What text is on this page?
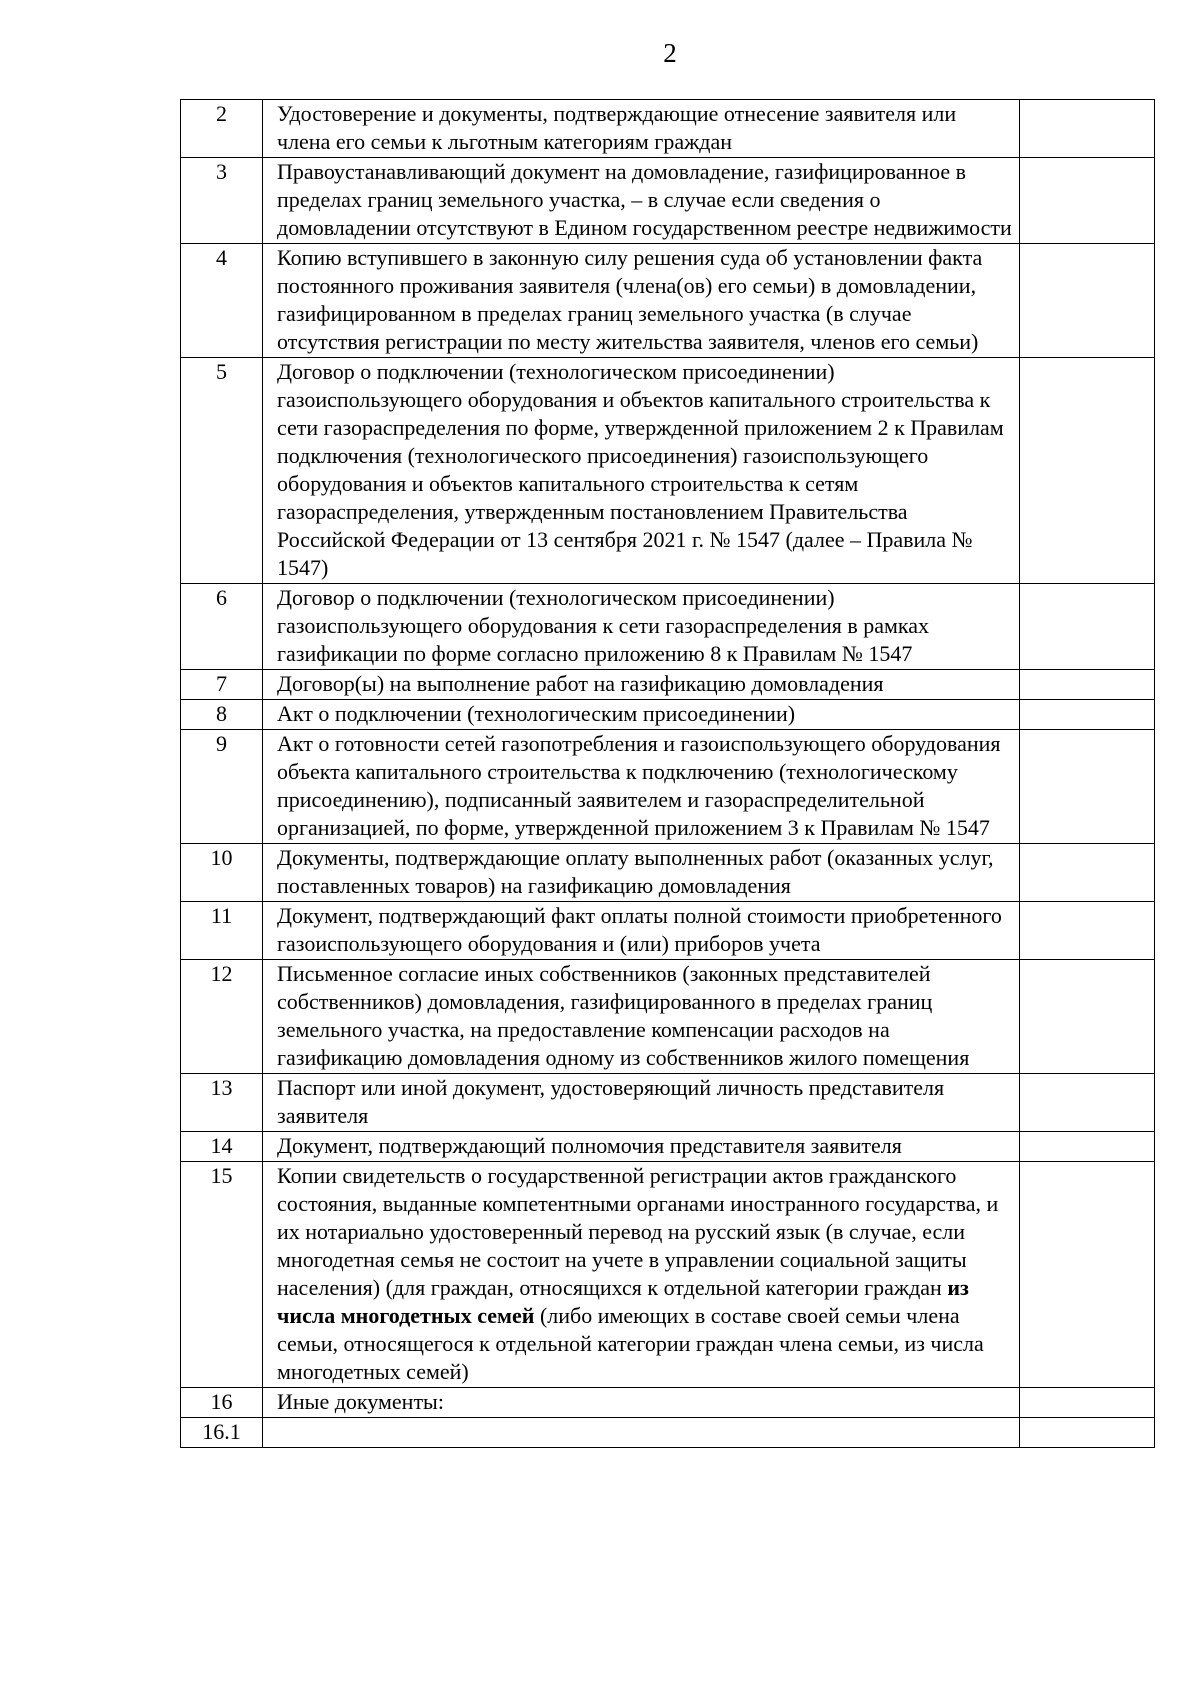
2
2	Удостоверение и документы, подтверждающие отнесение заявителя или члена его семьи к льготным категориям граждан	
3	Правоустанавливающий документ на домовладение, газифицированное в пределах границ земельного участка, – в случае если сведения о домовладении отсутствуют в Едином государственном реестре недвижимости	
4	Копию вступившего в законную силу решения суда об установлении факта постоянного проживания заявителя (члена(ов) его семьи) в домовладении, газифицированном в пределах границ земельного участка (в случае отсутствия регистрации по месту жительства заявителя, членов его семьи)	
5	Договор о подключении (технологическом присоединении) газоиспользующего оборудования и объектов капитального строительства к сети газораспределения по форме, утвержденной приложением 2 к Правилам подключения (технологического присоединения) газоиспользующего оборудования и объектов капитального строительства к сетям газораспределения, утвержденным постановлением Правительства Российской Федерации от 13 сентября 2021 г. № 1547 (далее – Правила № 1547)	
6	Договор о подключении (технологическом присоединении) газоиспользующего оборудования к сети газораспределения в рамках газификации по форме согласно приложению 8 к Правилам № 1547	
7	Договор(ы) на выполнение работ на газификацию домовладения	
8	Акт о подключении (технологическим присоединении)	
9	Акт о готовности сетей газопотребления и газоиспользующего оборудования объекта капитального строительства к подключению (технологическому присоединению), подписанный заявителем и газораспределительной организацией, по форме, утвержденной приложением 3 к Правилам № 1547	
10	Документы, подтверждающие оплату выполненных работ (оказанных услуг, поставленных товаров) на газификацию домовладения	
11	Документ, подтверждающий факт оплаты полной стоимости приобретенного газоиспользующего оборудования и (или) приборов учета	
12	Письменное согласие иных собственников (законных представителей собственников) домовладения, газифицированного в пределах границ земельного участка, на предоставление компенсации расходов на газификацию домовладения одному из собственников жилого помещения	
13	Паспорт или иной документ, удостоверяющий личность представителя заявителя	
14	Документ, подтверждающий полномочия представителя заявителя	
15	Копии свидетельств о государственной регистрации актов гражданского состояния, выданные компетентными органами иностранного государства, и их нотариально удостоверенный перевод на русский язык (в случае, если многодетная семья не состоит на учете в управлении социальной защиты населения) (для граждан, относящихся к отдельной категории граждан из числа многодетных семей (либо имеющих в составе своей семьи члена семьи, относящегося к отдельной категории граждан члена семьи, из числа многодетных семей)	
16	Иные документы:	
16.1		
